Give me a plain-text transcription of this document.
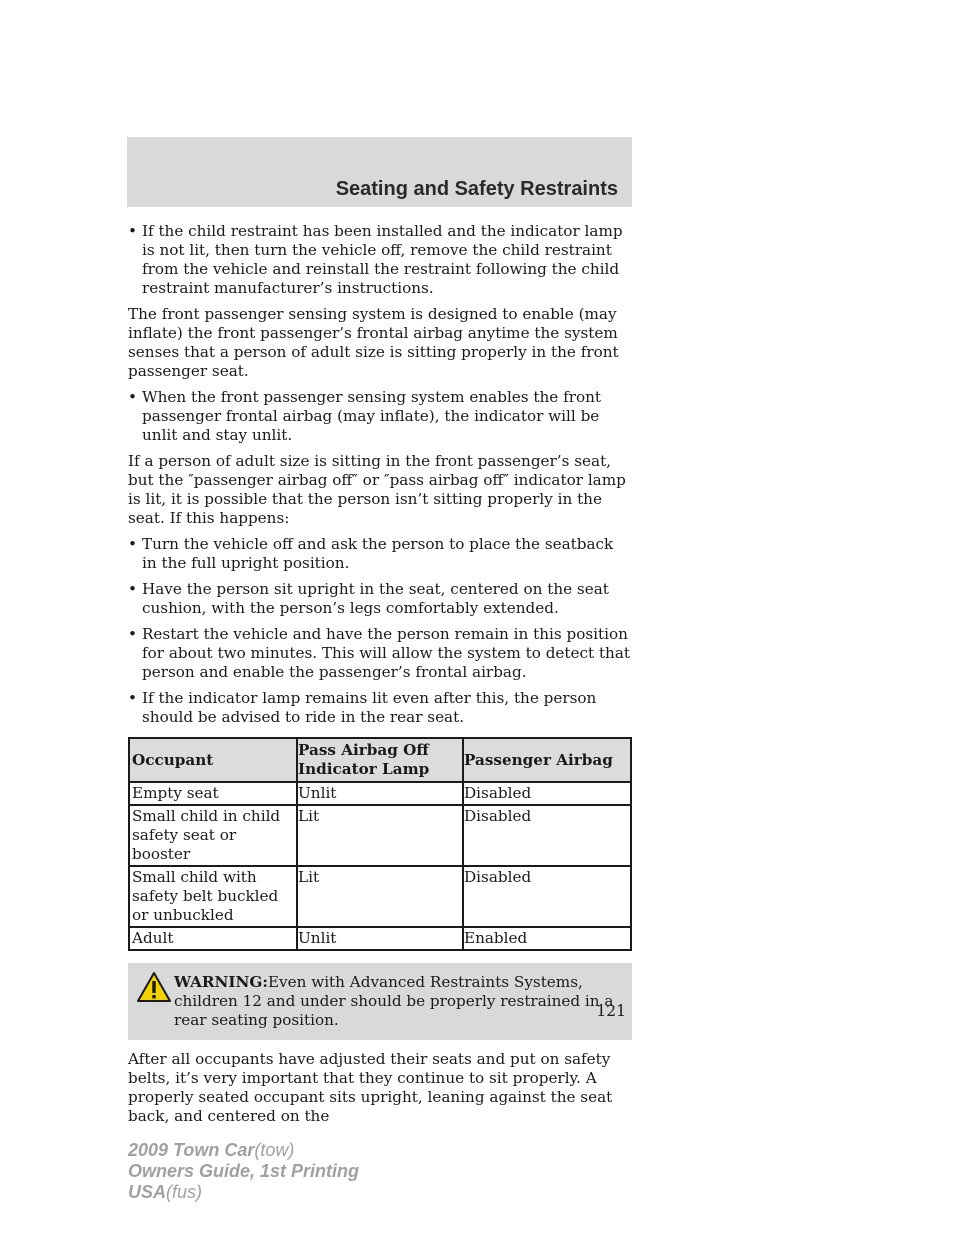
Seating and Safety Restraints
• If the child restraint has been installed and the indicator lamp is not lit, then turn the vehicle off, remove the child restraint from the vehicle and reinstall the restraint following the child restraint manufacturer’s instructions.

The front passenger sensing system is designed to enable (may inflate) the front passenger’s frontal airbag anytime the system senses that a person of adult size is sitting properly in the front passenger seat.

• When the front passenger sensing system enables the front passenger frontal airbag (may inflate), the indicator will be unlit and stay unlit.

If a person of adult size is sitting in the front passenger’s seat, but the ″passenger airbag off″ or ″pass airbag off″ indicator lamp is lit, it is possible that the person isn’t sitting properly in the seat. If this happens:

• Turn the vehicle off and ask the person to place the seatback in the full upright position.
• Have the person sit upright in the seat, centered on the seat cushion, with the person’s legs comfortably extended.
• Restart the vehicle and have the person remain in this position for about two minutes. This will allow the system to detect that person and enable the passenger’s frontal airbag.
• If the indicator lamp remains lit even after this, the person should be advised to ride in the rear seat.
Occupant	Pass Airbag Off Indicator Lamp	Passenger Airbag
Empty seat	Unlit	Disabled
Small child in child safety seat or booster	Lit	Disabled
Small child with safety belt buckled or unbuckled	Lit	Disabled
Adult	Unlit	Enabled
WARNING:Even with Advanced Restraints Systems, children 12 and under should be properly restrained in a rear seating position.

After all occupants have adjusted their seats and put on safety belts, it’s very important that they continue to sit properly. A properly seated occupant sits upright, leaning against the seat back, and centered on the

121
2009 Town Car(tow)
Owners Guide, 1st Printing
USA(fus)
